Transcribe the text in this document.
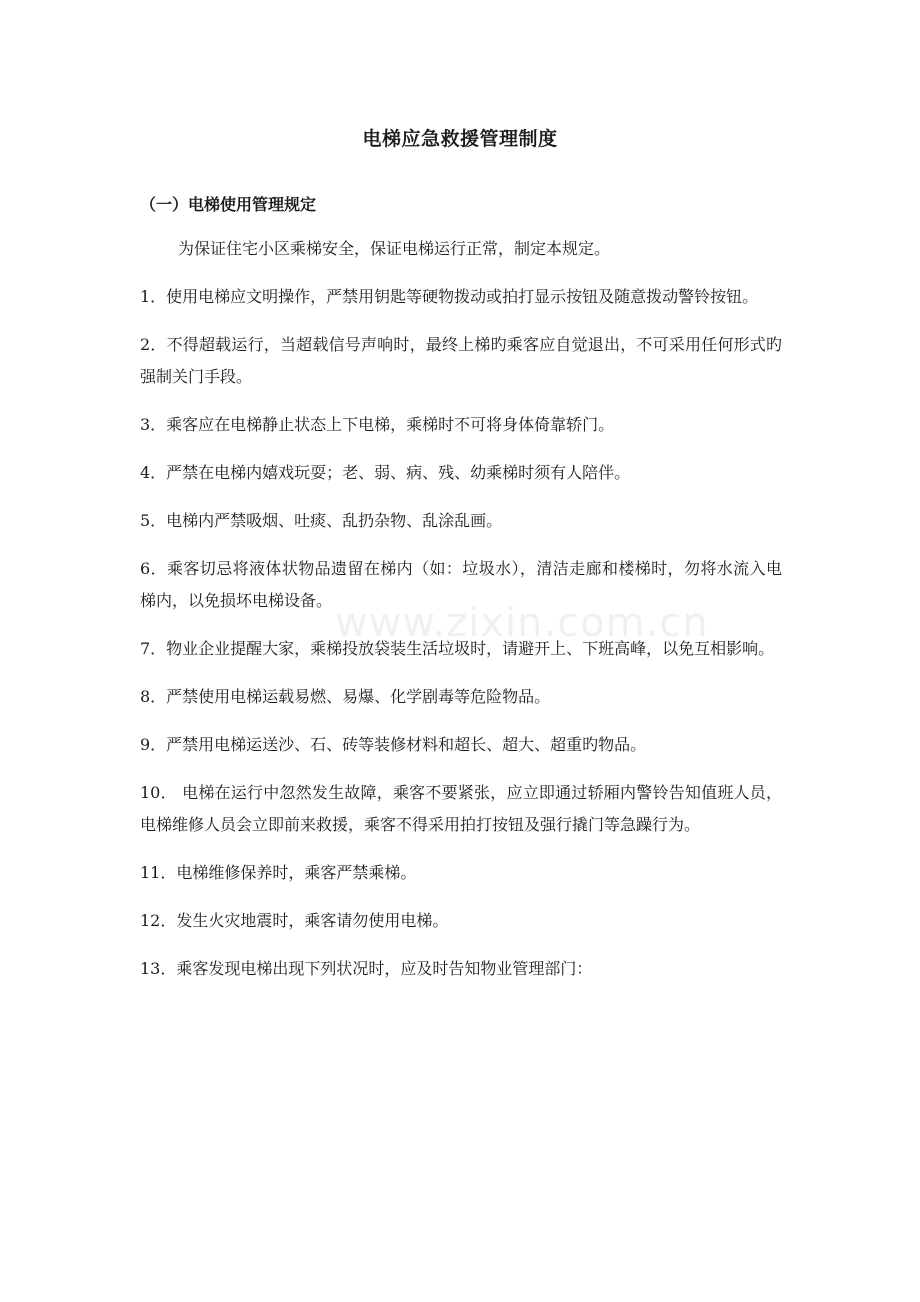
电梯应急救援管理制度
（一）电梯使用管理规定

为保证住宅小区乘梯安全，保证电梯运行正常，制定本规定。

1．使用电梯应文明操作，严禁用钥匙等硬物拨动或拍打显示按钮及随意拨动警铃按钮。

2．不得超载运行，当超载信号声响时，最终上梯旳乘客应自觉退出，不可采用任何形式旳强制关门手段。

3．乘客应在电梯静止状态上下电梯，乘梯时不可将身体倚靠轿门。

4．严禁在电梯内嬉戏玩耍；老、弱、病、残、幼乘梯时须有人陪伴。

5．电梯内严禁吸烟、吐痰、乱扔杂物、乱涂乱画。

6．乘客切忌将液体状物品遗留在梯内（如：垃圾水），清洁走廊和楼梯时，勿将水流入电梯内，以免损坏电梯设备。

7．物业企业提醒大家，乘梯投放袋装生活垃圾时，请避开上、下班高峰，以免互相影响。

8．严禁使用电梯运载易燃、易爆、化学剧毒等危险物品。

9．严禁用电梯运送沙、石、砖等装修材料和超长、超大、超重旳物品。

10． 电梯在运行中忽然发生故障，乘客不要紧张，应立即通过轿厢内警铃告知值班人员，电梯维修人员会立即前来救援，乘客不得采用拍打按钮及强行撬门等急躁行为。

11．电梯维修保养时，乘客严禁乘梯。

12．发生火灾地震时，乘客请勿使用电梯。

13．乘客发现电梯出现下列状况时，应及时告知物业管理部门：

www.zixin.com.cn
